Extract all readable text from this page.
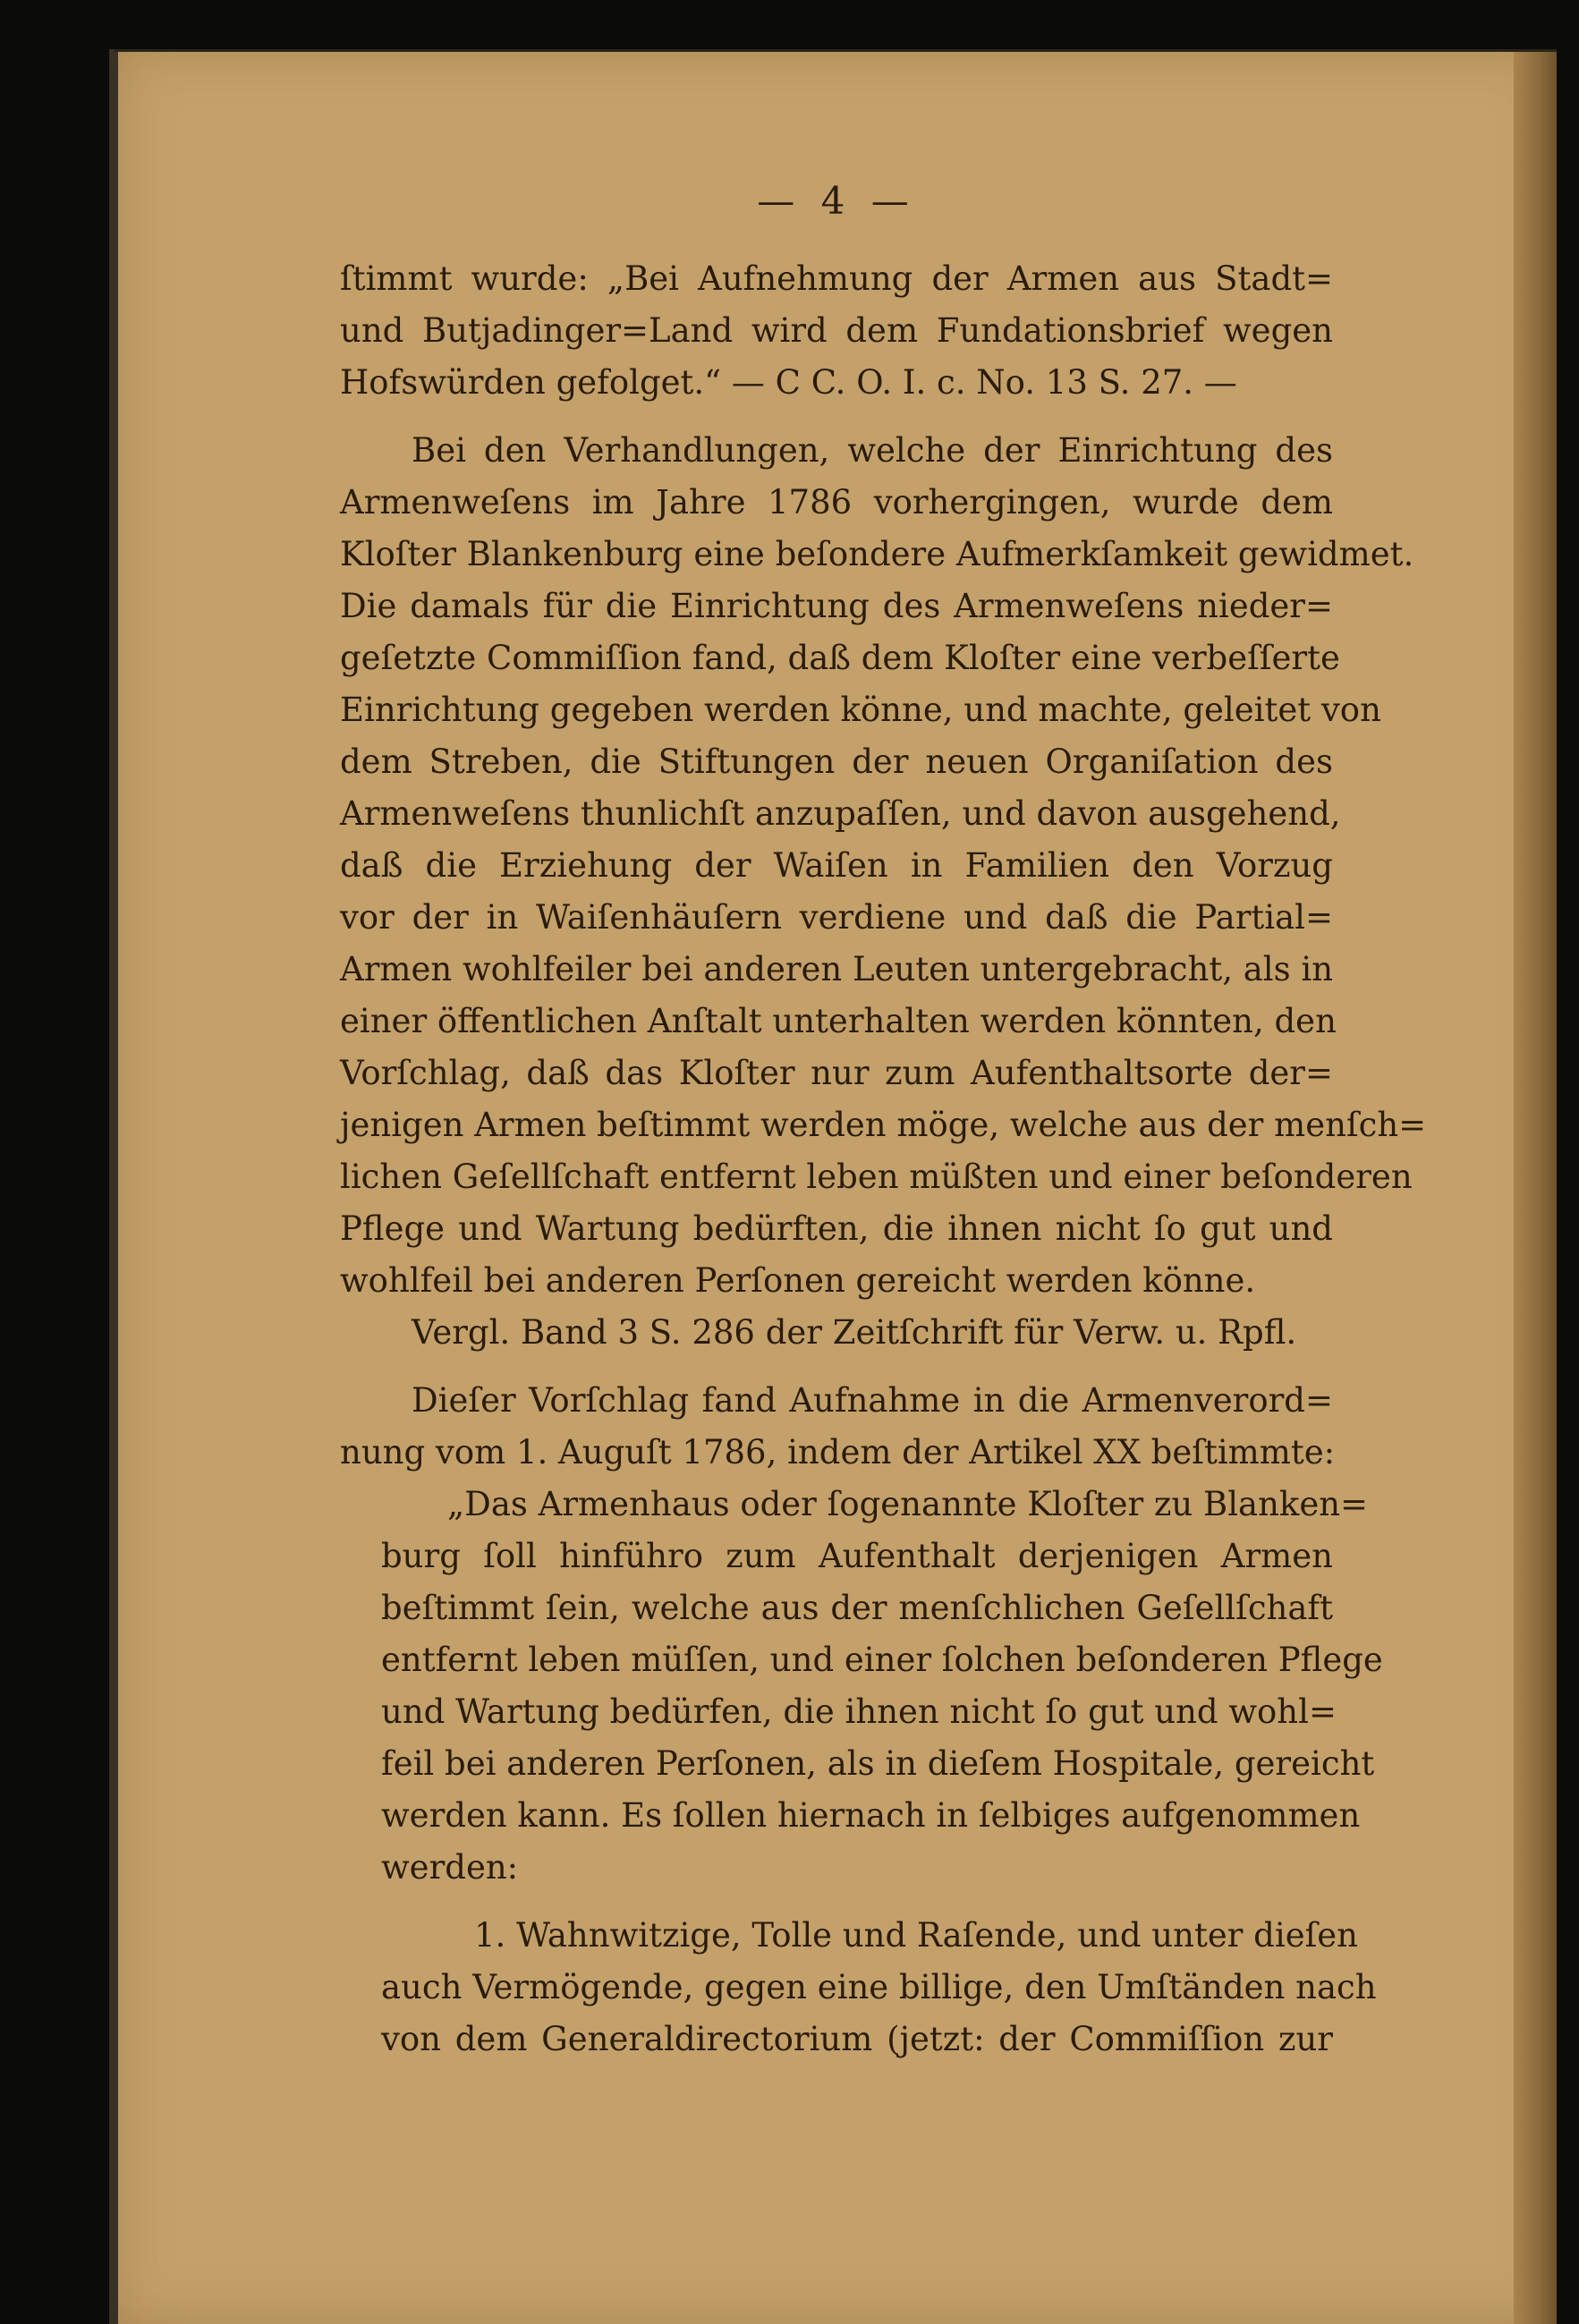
— 4 —
ſtimmt wurde: „Bei Aufnehmung der Armen aus Stadt=
und Butjadinger=Land wird dem Fundationsbrief wegen
Hofswürden gefolget.“ — C C. O. I. c. No. 13 S. 27. —
Bei den Verhandlungen, welche der Einrichtung des
Armenweſens im Jahre 1786 vorhergingen, wurde dem
Kloſter Blankenburg eine beſondere Aufmerkſamkeit gewidmet.
Die damals für die Einrichtung des Armenweſens nieder=
geſetzte Commiſſion fand, daß dem Kloſter eine verbeſſerte
Einrichtung gegeben werden könne, und machte, geleitet von
dem Streben, die Stiftungen der neuen Organiſation des
Armenweſens thunlichſt anzupaſſen, und davon ausgehend,
daß die Erziehung der Waiſen in Familien den Vorzug
vor der in Waiſenhäuſern verdiene und daß die Partial=
Armen wohlfeiler bei anderen Leuten untergebracht, als in
einer öffentlichen Anſtalt unterhalten werden könnten, den
Vorſchlag, daß das Kloſter nur zum Aufenthaltsorte der=
jenigen Armen beſtimmt werden möge, welche aus der menſch=
lichen Geſellſchaft entfernt leben müßten und einer beſonderen
Pflege und Wartung bedürften, die ihnen nicht ſo gut und
wohlfeil bei anderen Perſonen gereicht werden könne.
Vergl. Band 3 S. 286 der Zeitſchrift für Verw. u. Rpfl.
Dieſer Vorſchlag fand Aufnahme in die Armenverord=
nung vom 1. Auguſt 1786, indem der Artikel XX beſtimmte:
„Das Armenhaus oder ſogenannte Kloſter zu Blanken=
burg ſoll hinführo zum Aufenthalt derjenigen Armen
beſtimmt ſein, welche aus der menſchlichen Geſellſchaft
entfernt leben müſſen, und einer ſolchen beſonderen Pflege
und Wartung bedürfen, die ihnen nicht ſo gut und wohl=
feil bei anderen Perſonen, als in dieſem Hospitale, gereicht
werden kann. Es ſollen hiernach in ſelbiges aufgenommen
werden:
1. Wahnwitzige, Tolle und Raſende, und unter dieſen
auch Vermögende, gegen eine billige, den Umſtänden nach
von dem Generaldirectorium (jetzt: der Commiſſion zur
